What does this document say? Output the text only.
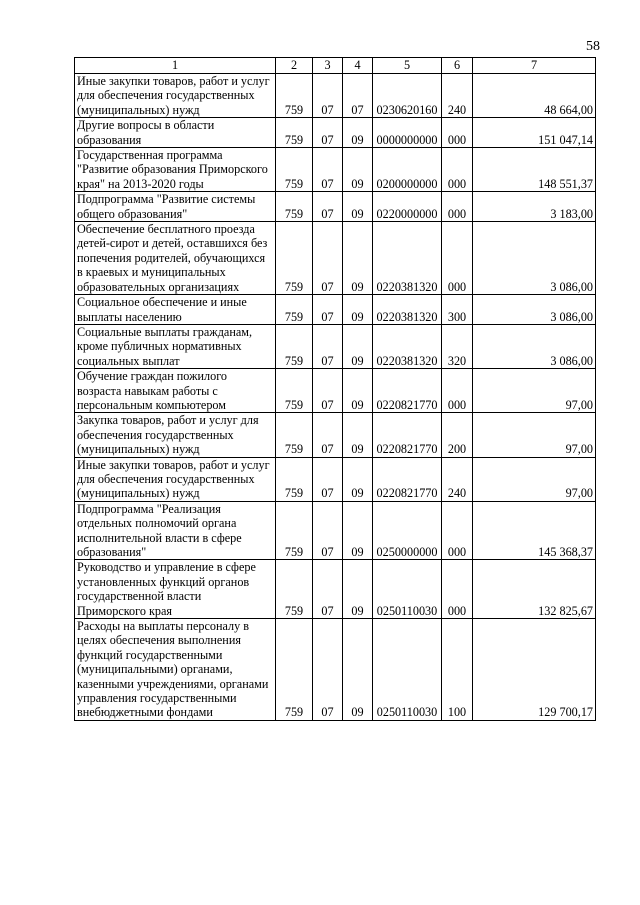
58
1	2	3	4	5	6	7
Иные закупки товаров, работ и услуг для обеспечения государственных (муниципальных) нужд	759	07	07	0230620160	240	48 664,00
Другие вопросы в области образования	759	07	09	0000000000	000	151 047,14
Государственная программа "Развитие образования Приморского края" на 2013-2020 годы	759	07	09	0200000000	000	148 551,37
Подпрограмма "Развитие системы общего образования"	759	07	09	0220000000	000	3 183,00
Обеспечение бесплатного проезда детей-сирот и детей, оставшихся без попечения родителей, обучающихся в краевых и муниципальных образовательных организациях	759	07	09	0220381320	000	3 086,00
Социальное обеспечение и иные выплаты населению	759	07	09	0220381320	300	3 086,00
Социальные выплаты гражданам, кроме публичных нормативных социальных выплат	759	07	09	0220381320	320	3 086,00
Обучение граждан пожилого возраста навыкам работы с персональным компьютером	759	07	09	0220821770	000	97,00
Закупка товаров, работ и услуг для обеспечения государственных (муниципальных) нужд	759	07	09	0220821770	200	97,00
Иные закупки товаров, работ и услуг для обеспечения государственных (муниципальных) нужд	759	07	09	0220821770	240	97,00
Подпрограмма "Реализация отдельных полномочий органа исполнительной власти в сфере образования"	759	07	09	0250000000	000	145 368,37
Руководство и управление в сфере установленных функций органов государственной власти Приморского края	759	07	09	0250110030	000	132 825,67
Расходы на выплаты персоналу в целях обеспечения выполнения функций государственными (муниципальными) органами, казенными учреждениями, органами управления государственными внебюджетными фондами	759	07	09	0250110030	100	129 700,17
